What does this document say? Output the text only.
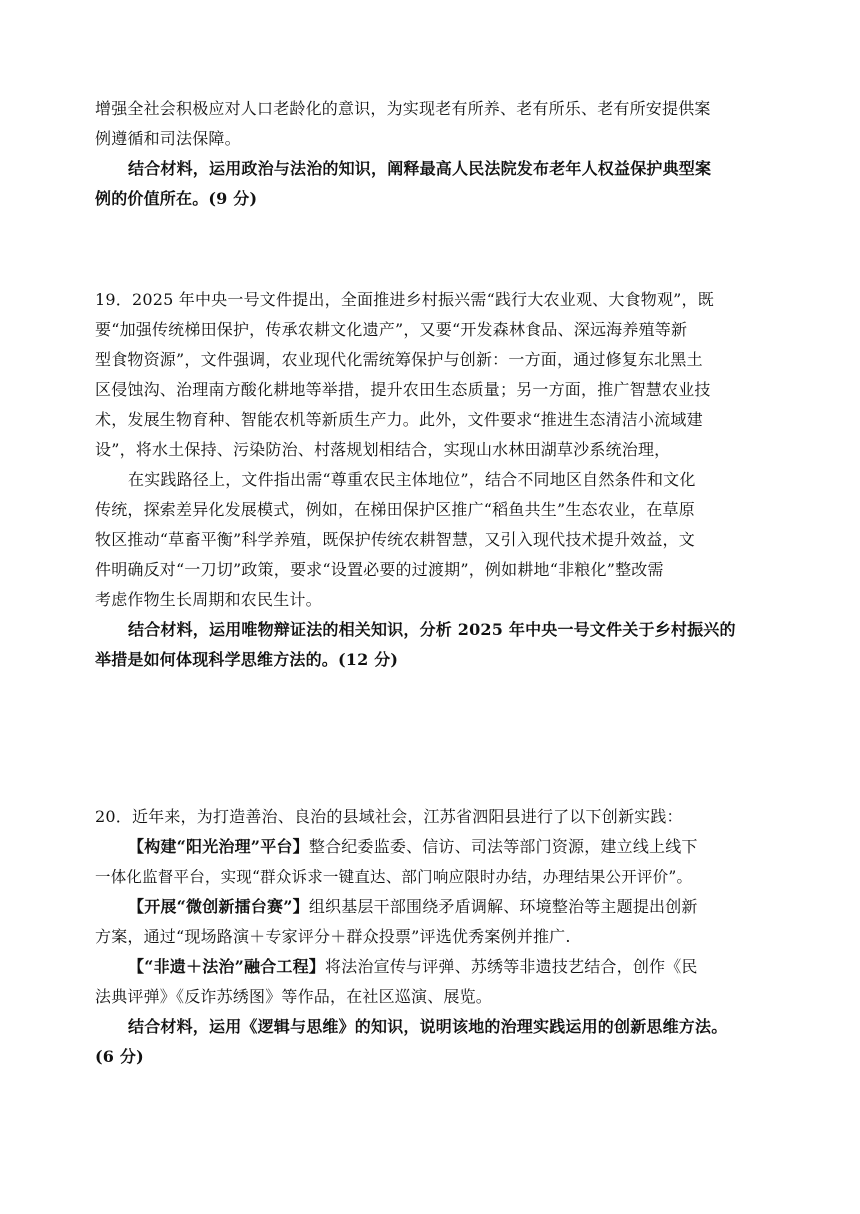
增强全社会积极应对人口老龄化的意识，为实现老有所养、老有所乐、老有所安提供案
例遵循和司法保障。
结合材料，运用政治与法治的知识，阐释最高人民法院发布老年人权益保护典型案
例的价值所在。(9 分)
19．2025 年中央一号文件提出，全面推进乡村振兴需“践行大农业观、大食物观”，既
要“加强传统梯田保护，传承农耕文化遗产”，又要“开发森林食品、深远海养殖等新
型食物资源”，文件强调，农业现代化需统筹保护与创新：一方面，通过修复东北黑土
区侵蚀沟、治理南方酸化耕地等举措，提升农田生态质量；另一方面，推广智慧农业技
术，发展生物育种、智能农机等新质生产力。此外，文件要求“推进生态清洁小流域建
设”，将水土保持、污染防治、村落规划相结合，实现山水林田湖草沙系统治理，
在实践路径上，文件指出需“尊重农民主体地位”，结合不同地区自然条件和文化
传统，探索差异化发展模式，例如，在梯田保护区推广“稻鱼共生”生态农业，在草原
牧区推动“草畜平衡”科学养殖，既保护传统农耕智慧，又引入现代技术提升效益，文
件明确反对“一刀切”政策，要求“设置必要的过渡期”，例如耕地“非粮化”整改需
考虑作物生长周期和农民生计。
结合材料，运用唯物辩证法的相关知识，分析 2025 年中央一号文件关于乡村振兴的
举措是如何体现科学思维方法的。(12 分)
20．近年来，为打造善治、良治的县域社会，江苏省泗阳县进行了以下创新实践：
【构建“阳光治理”平台】整合纪委监委、信访、司法等部门资源，建立线上线下
一体化监督平台，实现“群众诉求一键直达、部门响应限时办结，办理结果公开评价”。
【开展“微创新擂台赛”】组织基层干部围绕矛盾调解、环境整治等主题提出创新
方案，通过“现场路演＋专家评分＋群众投票”评选优秀案例并推广.
【“非遗＋法治”融合工程】将法治宣传与评弹、苏绣等非遗技艺结合，创作《民
法典评弹》《反诈苏绣图》等作品，在社区巡演、展览。
结合材料，运用《逻辑与思维》的知识，说明该地的治理实践运用的创新思维方法。
(6 分)
